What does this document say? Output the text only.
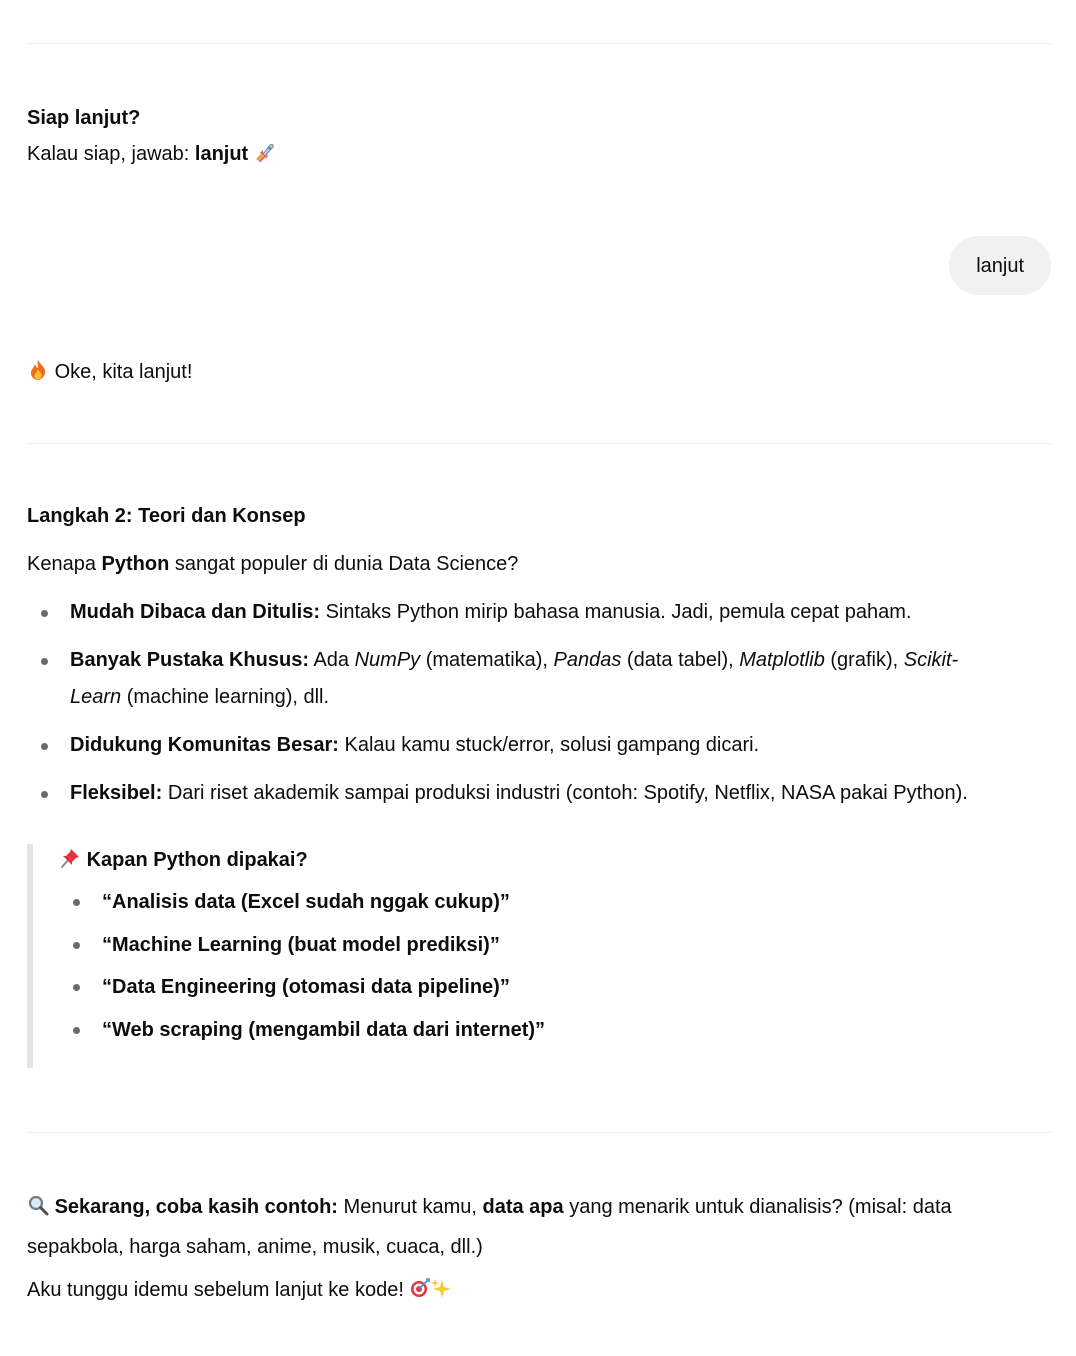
Siap lanjut?
Kalau siap, jawab: lanjut
lanjut
Oke, kita lanjut!
Langkah 2: Teori dan Konsep
Kenapa Python sangat populer di dunia Data Science?
Mudah Dibaca dan Ditulis: Sintaks Python mirip bahasa manusia. Jadi, pemula cepat paham.
Banyak Pustaka Khusus: Ada NumPy (matematika), Pandas (data tabel), Matplotlib (grafik), Scikit-
Learn (machine learning), dll.
Didukung Komunitas Besar: Kalau kamu stuck/error, solusi gampang dicari.
Fleksibel: Dari riset akademik sampai produksi industri (contoh: Spotify, Netflix, NASA pakai Python).
Kapan Python dipakai?
“Analisis data (Excel sudah nggak cukup)”
“Machine Learning (buat model prediksi)”
“Data Engineering (otomasi data pipeline)”
“Web scraping (mengambil data dari internet)”
Sekarang, coba kasih contoh: Menurut kamu, data apa yang menarik untuk dianalisis? (misal: data
sepakbola, harga saham, anime, musik, cuaca, dll.)
Aku tunggu idemu sebelum lanjut ke kode!
